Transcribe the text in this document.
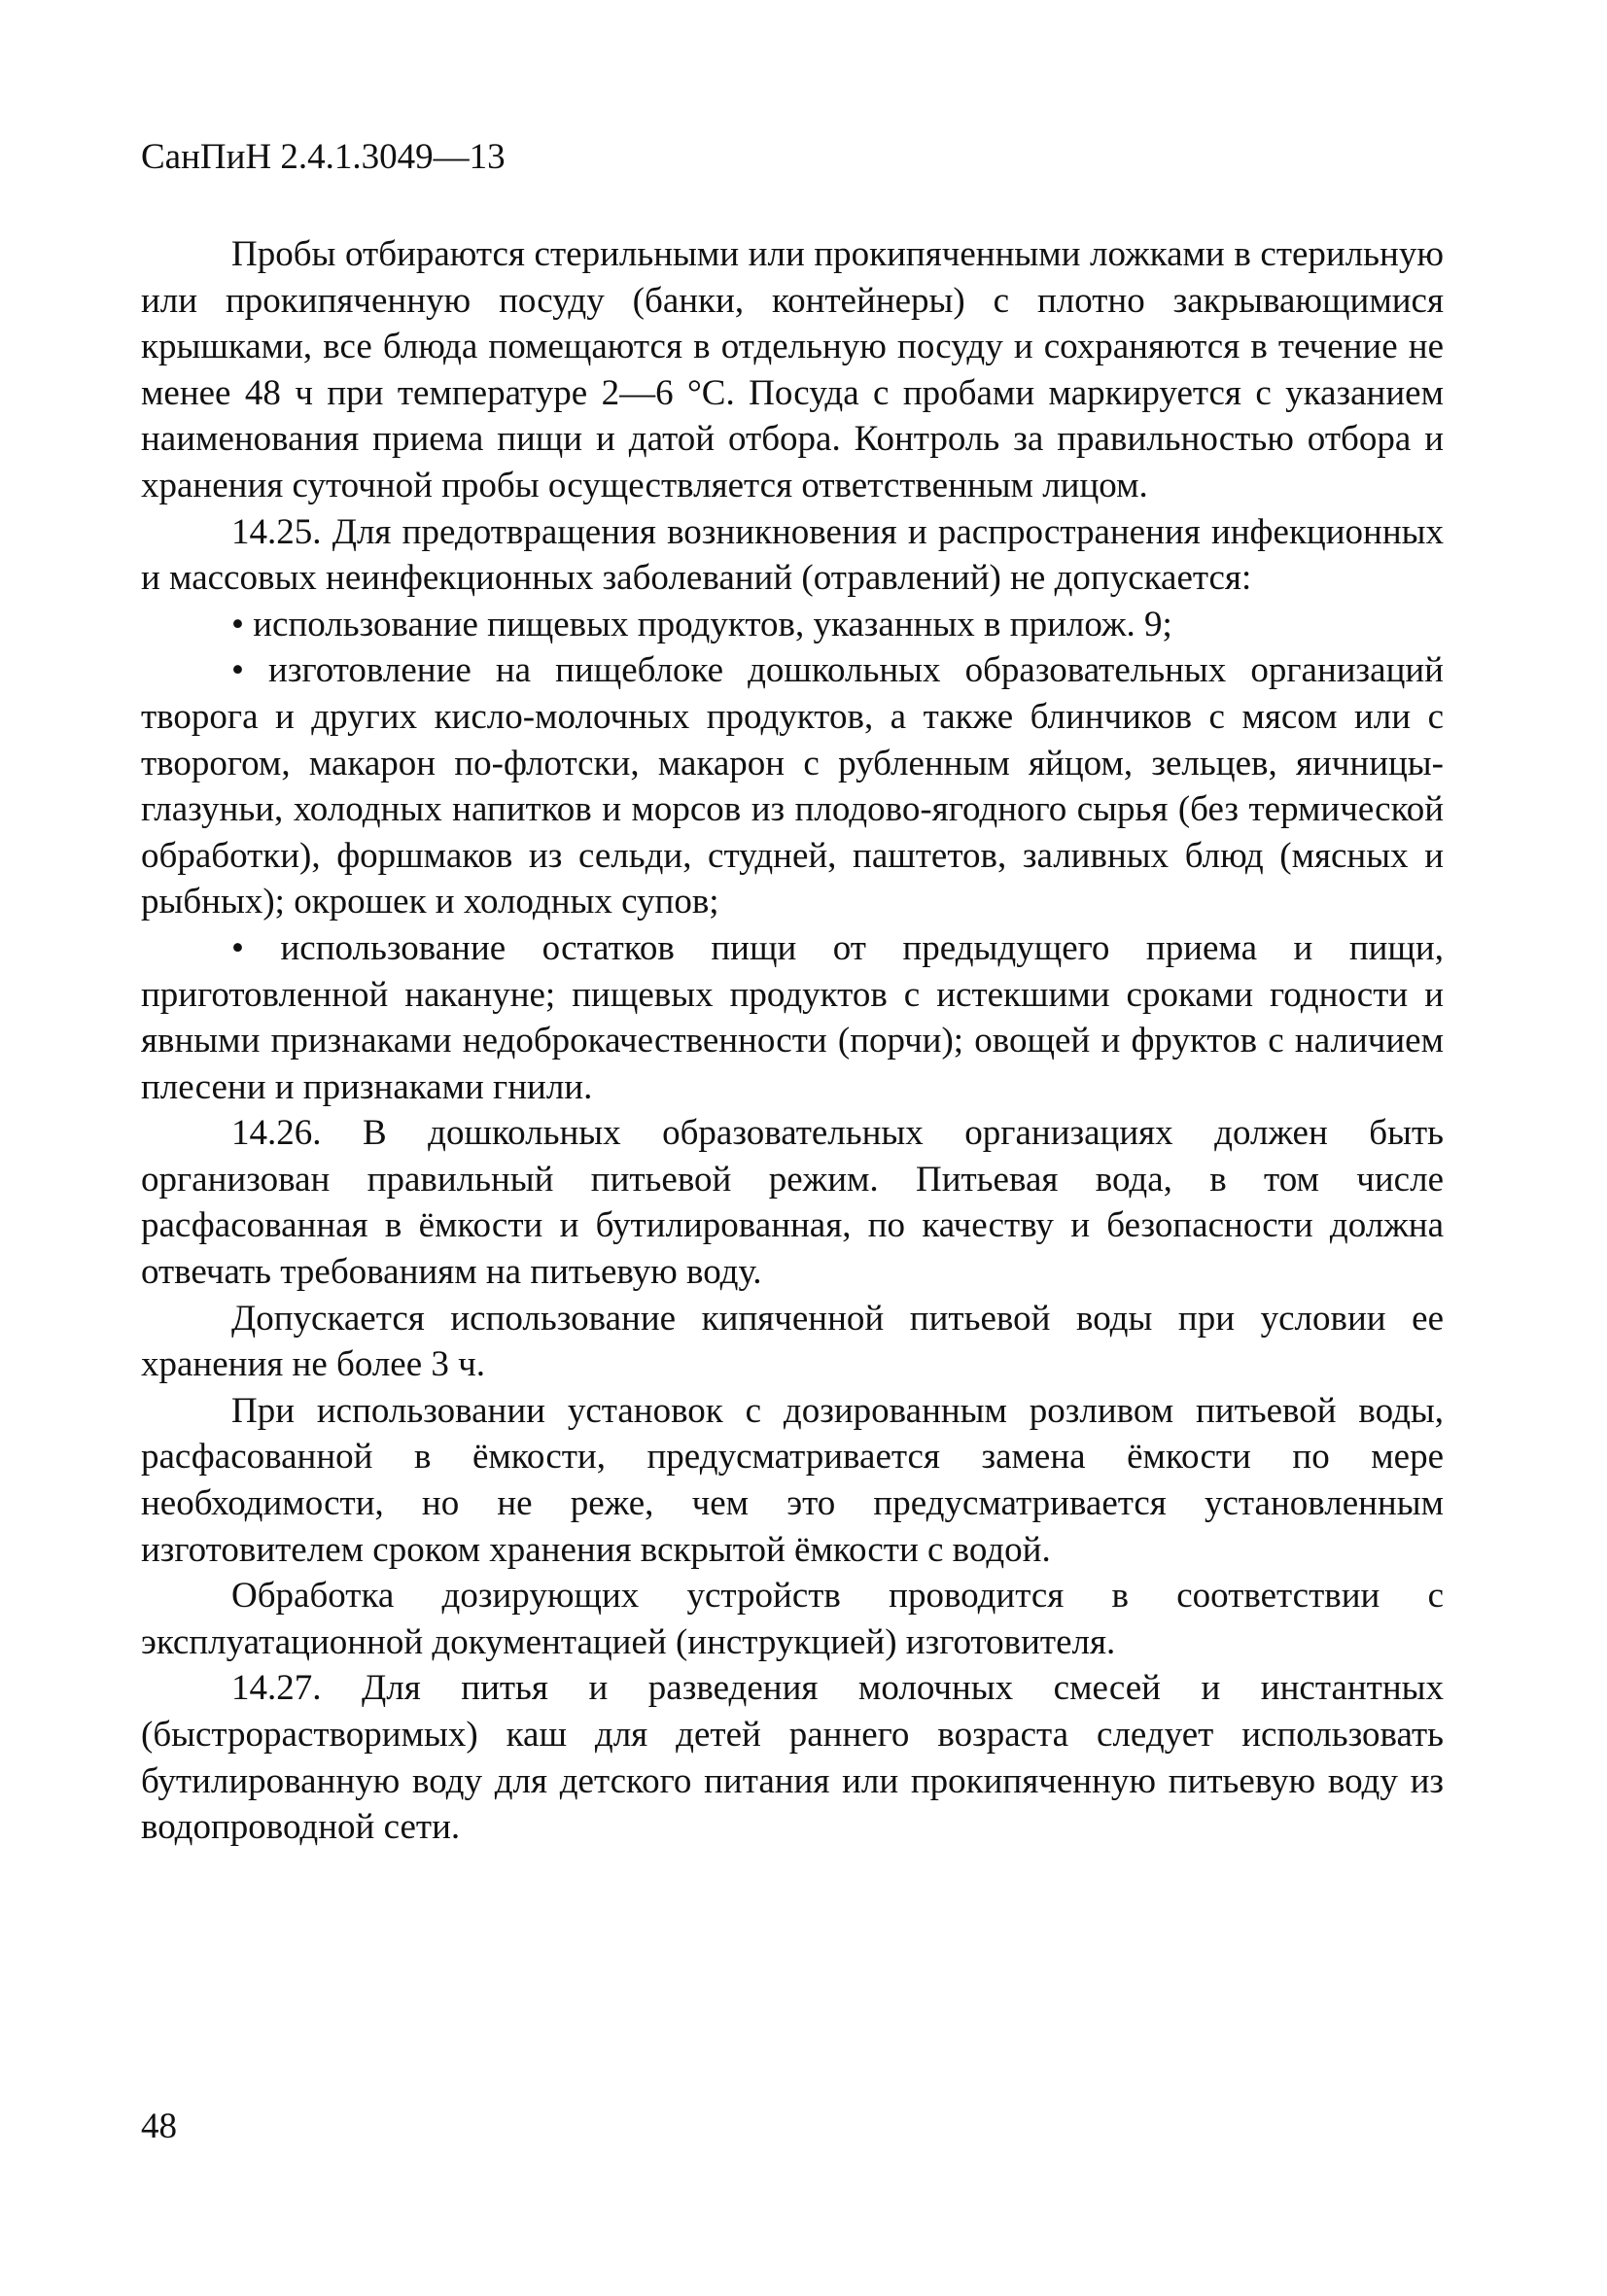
СанПиН 2.4.1.3049—13

Пробы отбираются стерильными или прокипяченными ложками в стерильную или прокипяченную посуду (банки, контейнеры) с плотно закрывающимися крышками, все блюда помещаются в отдельную посуду и сохраняются в течение не менее 48 ч при температуре 2—6 °С. Посуда с пробами маркируется с указанием наименования приема пищи и датой отбора. Контроль за правильностью отбора и хранения суточной пробы осуществляется ответственным лицом.

14.25. Для предотвращения возникновения и распространения инфекционных и массовых неинфекционных заболеваний (отравлений) не допускается:

• использование пищевых продуктов, указанных в прилож. 9;

• изготовление на пищеблоке дошкольных образовательных организаций творога и других кисло-молочных продуктов, а также блинчиков с мясом или с творогом, макарон по-флотски, макарон с рубленным яйцом, зельцев, яичницы-глазуньи, холодных напитков и морсов из плодово-ягодного сырья (без термической обработки), форшмаков из сельди, студней, паштетов, заливных блюд (мясных и рыбных); окрошек и холодных супов;

• использование остатков пищи от предыдущего приема и пищи, приготовленной накануне; пищевых продуктов с истекшими сроками годности и явными признаками недоброкачественности (порчи); овощей и фруктов с наличием плесени и признаками гнили.

14.26. В дошкольных образовательных организациях должен быть организован правильный питьевой режим. Питьевая вода, в том числе расфасованная в ёмкости и бутилированная, по качеству и безопасности должна отвечать требованиям на питьевую воду.

Допускается использование кипяченной питьевой воды при условии ее хранения не более 3 ч.

При использовании установок с дозированным розливом питьевой воды, расфасованной в ёмкости, предусматривается замена ёмкости по мере необходимости, но не реже, чем это предусматривается установленным изготовителем сроком хранения вскрытой ёмкости с водой.

Обработка дозирующих устройств проводится в соответствии с эксплуатационной документацией (инструкцией) изготовителя.

14.27. Для питья и разведения молочных смесей и инстантных (быстрорастворимых) каш для детей раннего возраста следует использовать бутилированную воду для детского питания или прокипяченную питьевую воду из водопроводной сети.

48
